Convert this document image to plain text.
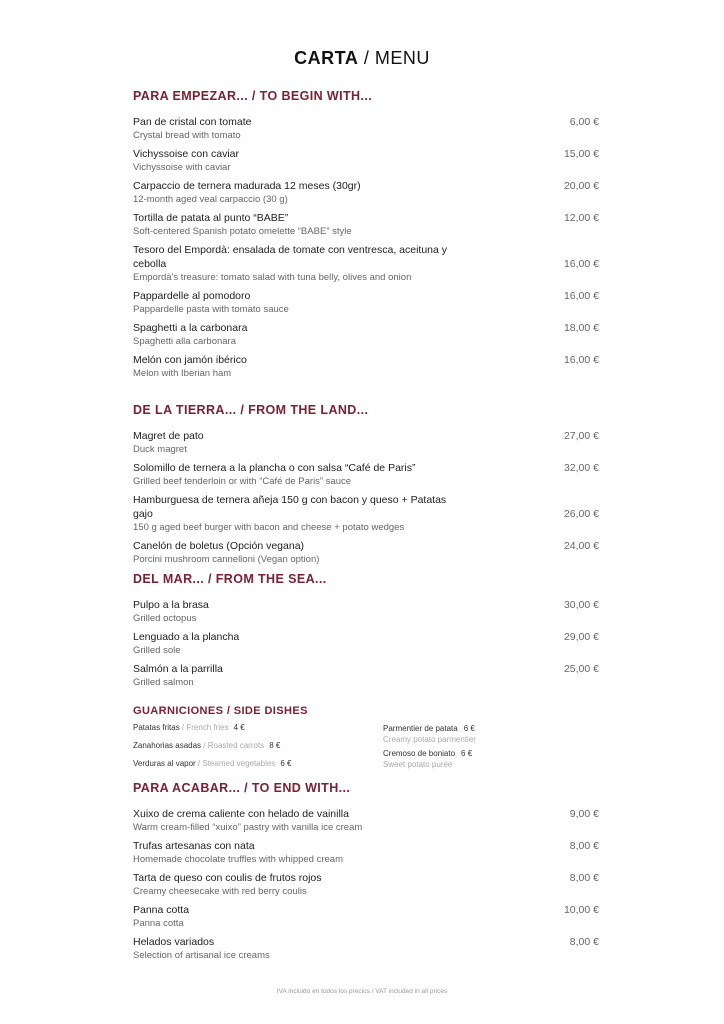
CARTA / MENU
PARA EMPEZAR... / TO BEGIN WITH...
Pan de cristal con tomate	6,00 €
Crystal bread with tomato
Vichyssoise con caviar	15,00 €
Vichyssoise with caviar
Carpaccio de ternera madurada 12 meses (30gr)	20,00 €
12-month aged veal carpaccio (30 g)
Tortilla de patata al punto “BABE”	12,00 €
Soft-centered Spanish potato omelette “BABE” style
Tesoro del Empordà: ensalada de tomate con ventresca, aceituna y cebolla	16,00 €
Empordà's treasure: tomato salad with tuna belly, olives and onion
Pappardelle al pomodoro	16,00 €
Pappardelle pasta with tomato sauce
Spaghetti a la carbonara	18,00 €
Spaghetti alla carbonara
Melón con jamón ibérico	16,00 €
Melon with Iberian ham
DE LA TIERRA... / FROM THE LAND...
Magret de pato	27,00 €
Duck magret
Solomillo de ternera a la plancha o con salsa “Café de Paris”	32,00 €
Grilled beef tenderloin or with “Café de Paris” sauce
Hamburguesa de ternera añeja 150 g con bacon y queso + Patatas gajo	26,00 €
150 g aged beef burger with bacon and cheese + potato wedges
Canelón de boletus (Opción vegana)	24,00 €
Porcini mushroom cannelloni (Vegan option)
DEL MAR... / FROM THE SEA...
Pulpo a la brasa	30,00 €
Grilled octopus
Lenguado a la plancha	29,00 €
Grilled sole
Salmón a la parrilla	25,00 €
Grilled salmon
GUARNICIONES / SIDE DISHES
Patatas fritas / French fries 4 €
Zanahorias asadas / Roasted carrots 8 €
Verduras al vapor / Steamed vegetables 6 €
Parmentier de patata 6 €
Creamy potato parmentier
Cremoso de boniato 6 €
Sweet potato purée
PARA ACABAR... / TO END WITH...
Xuixo de crema caliente con helado de vainilla	9,00 €
Warm cream-filled “xuixo” pastry with vanilla ice cream
Trufas artesanas con nata	8,00 €
Homemade chocolate truffles with whipped cream
Tarta de queso con coulis de frutos rojos	8,00 €
Creamy cheesecake with red berry coulis
Panna cotta	10,00 €
Panna cotta
Helados variados	8,00 €
Selection of artisanal ice creams
IVA incluido en todos los precios / VAT included in all prices
